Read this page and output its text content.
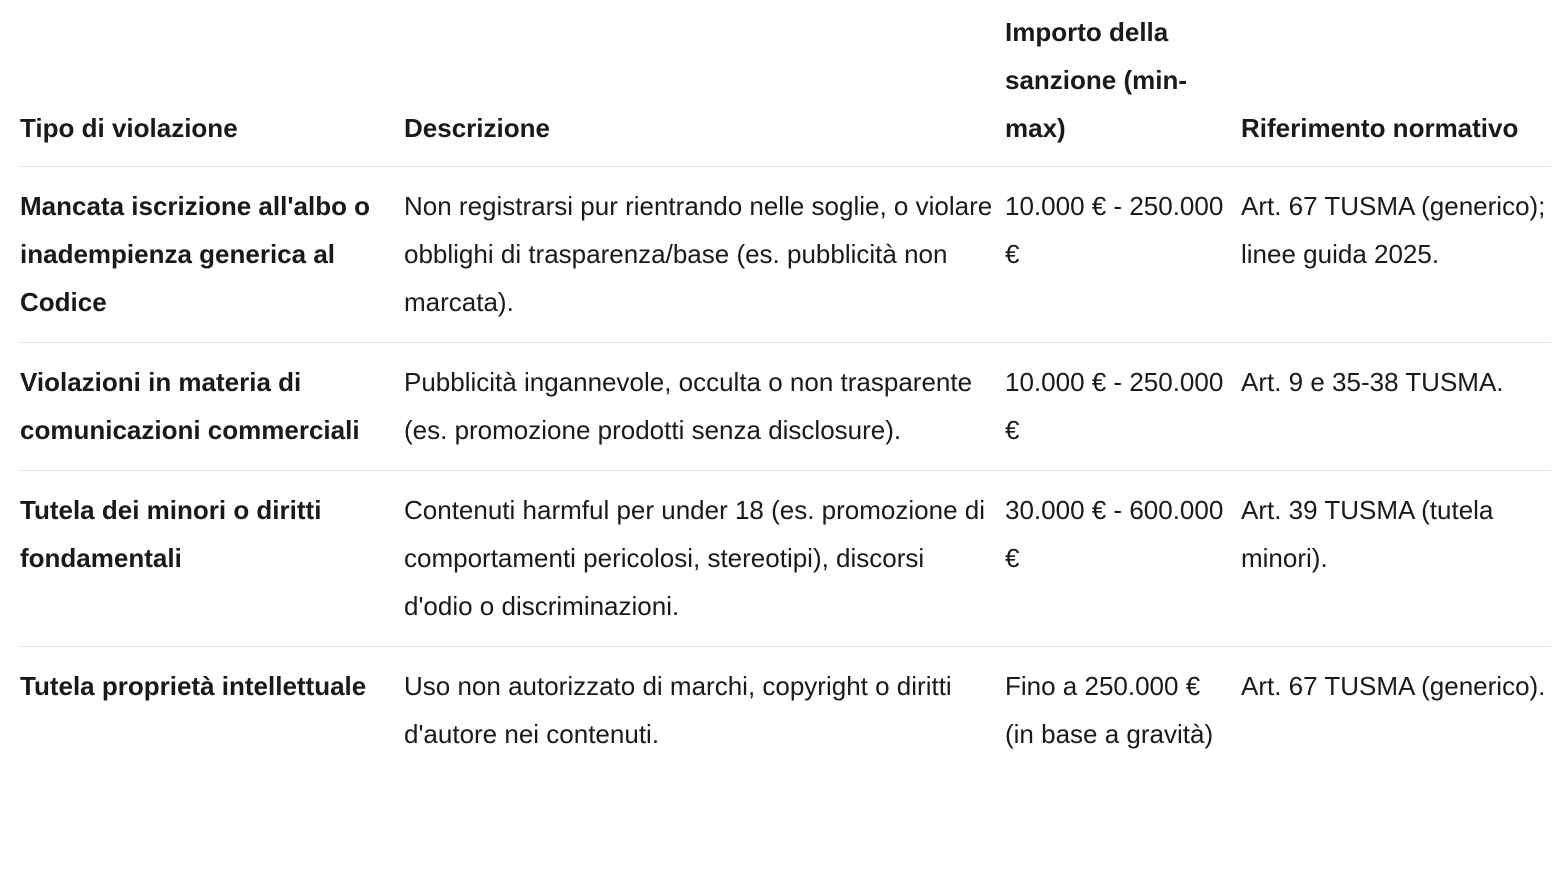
Tipo di violazione	Descrizione	Importo della sanzione (min-max)	Riferimento normativo
Mancata iscrizione all'albo o inadempienza generica al Codice	Non registrarsi pur rientrando nelle soglie, o violare obblighi di trasparenza/base (es. pubblicità non marcata).	10.000 € - 250.000 €	Art. 67 TUSMA (generico); linee guida 2025.
Violazioni in materia di comunicazioni commerciali	Pubblicità ingannevole, occulta o non trasparente (es. promozione prodotti senza disclosure).	10.000 € - 250.000 €	Art. 9 e 35-38 TUSMA.
Tutela dei minori o diritti fondamentali	Contenuti harmful per under 18 (es. promozione di comportamenti pericolosi, stereotipi), discorsi d'odio o discriminazioni.	30.000 € - 600.000 €	Art. 39 TUSMA (tutela minori).
Tutela proprietà intellettuale	Uso non autorizzato di marchi, copyright o diritti d'autore nei contenuti.	Fino a 250.000 € (in base a gravità)	Art. 67 TUSMA (generico).
